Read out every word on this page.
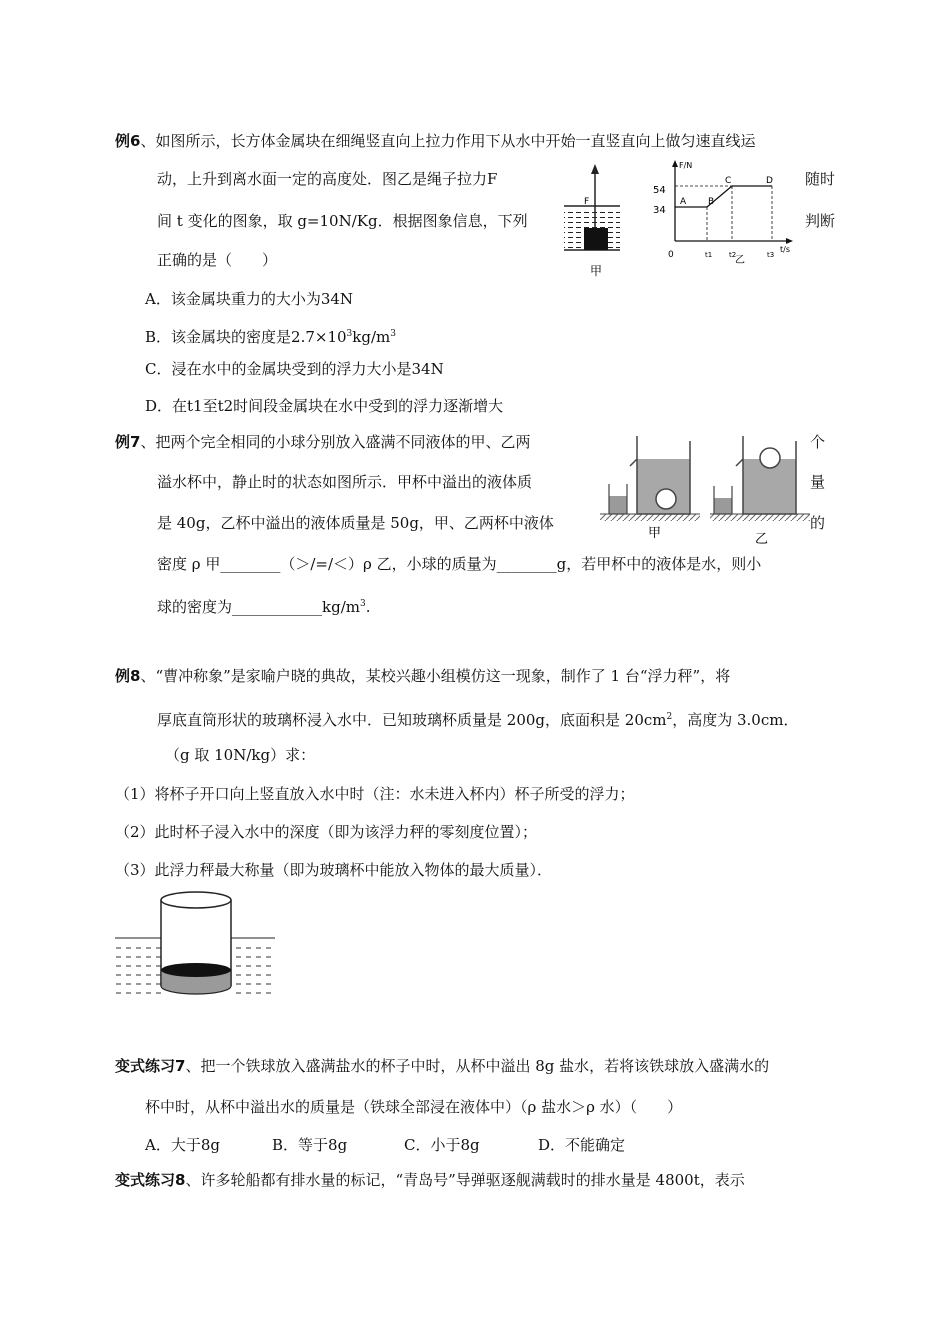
例6、如图所示，长方体金属块在细绳竖直向上拉力作用下从水中开始一直竖直向上做匀速直线运
动，上升到离水面一定的高度处．图乙是绳子拉力F	随时
间 t 变化的图象，取 g=10N/Kg．根据图象信息，下列	判断
正确的是（　　）
A．该金属块重力的大小为34N
B．该金属块的密度是$2.7\times 10^3kg/m^3$
C．浸在水中的金属块受到的浮力大小是34N
D．在t1至t2时间段金属块在水中受到的浮力逐渐增大
F
甲
F/N
t/s
54
34
0	t1 t2	t3
A B
C	D
乙
例7、把两个完全相同的小球分别放入盛满不同液体的甲、乙两	个
溢水杯中，静止时的状态如图所示．甲杯中溢出的液体质	量
是 40g，乙杯中溢出的液体质量是 50g，甲、乙两杯中液体	的
密度 ρ 甲________（＞/=/＜）ρ 乙，小球的质量为________g，若甲杯中的液体是水，则小
球的密度为$\_\_\_\_\_\_\_\_\_\_\_\_kg/m^3$.
甲	乙
例8、“曹冲称象”是家喻户晓的典故，某校兴趣小组模仿这一现象，制作了 1 台“浮力秤”，将
厚底直筒形状的玻璃杯浸入水中．已知玻璃杯质量是 200g，底面积是 $20cm^2$，高度为 3.0cm．
（g 取 10N/kg）求：
（1）将杯子开口向上竖直放入水中时（注：水未进入杯内）杯子所受的浮力；
（2）此时杯子浸入水中的深度（即为该浮力秤的零刻度位置）；
（3）此浮力秤最大称量（即为玻璃杯中能放入物体的最大质量）．
变式练习7、把一个铁球放入盛满盐水的杯子中时，从杯中溢出 8g 盐水，若将该铁球放入盛满水的
杯中时，从杯中溢出水的质量是（铁球全部浸在液体中）（ρ 盐水＞ρ 水）（　　）
A．大于8g	B．等于8g	C．小于8g	D．不能确定
变式练习8、许多轮船都有排水量的标记，“青岛号”导弹驱逐舰满载时的排水量是 4800t，表示
